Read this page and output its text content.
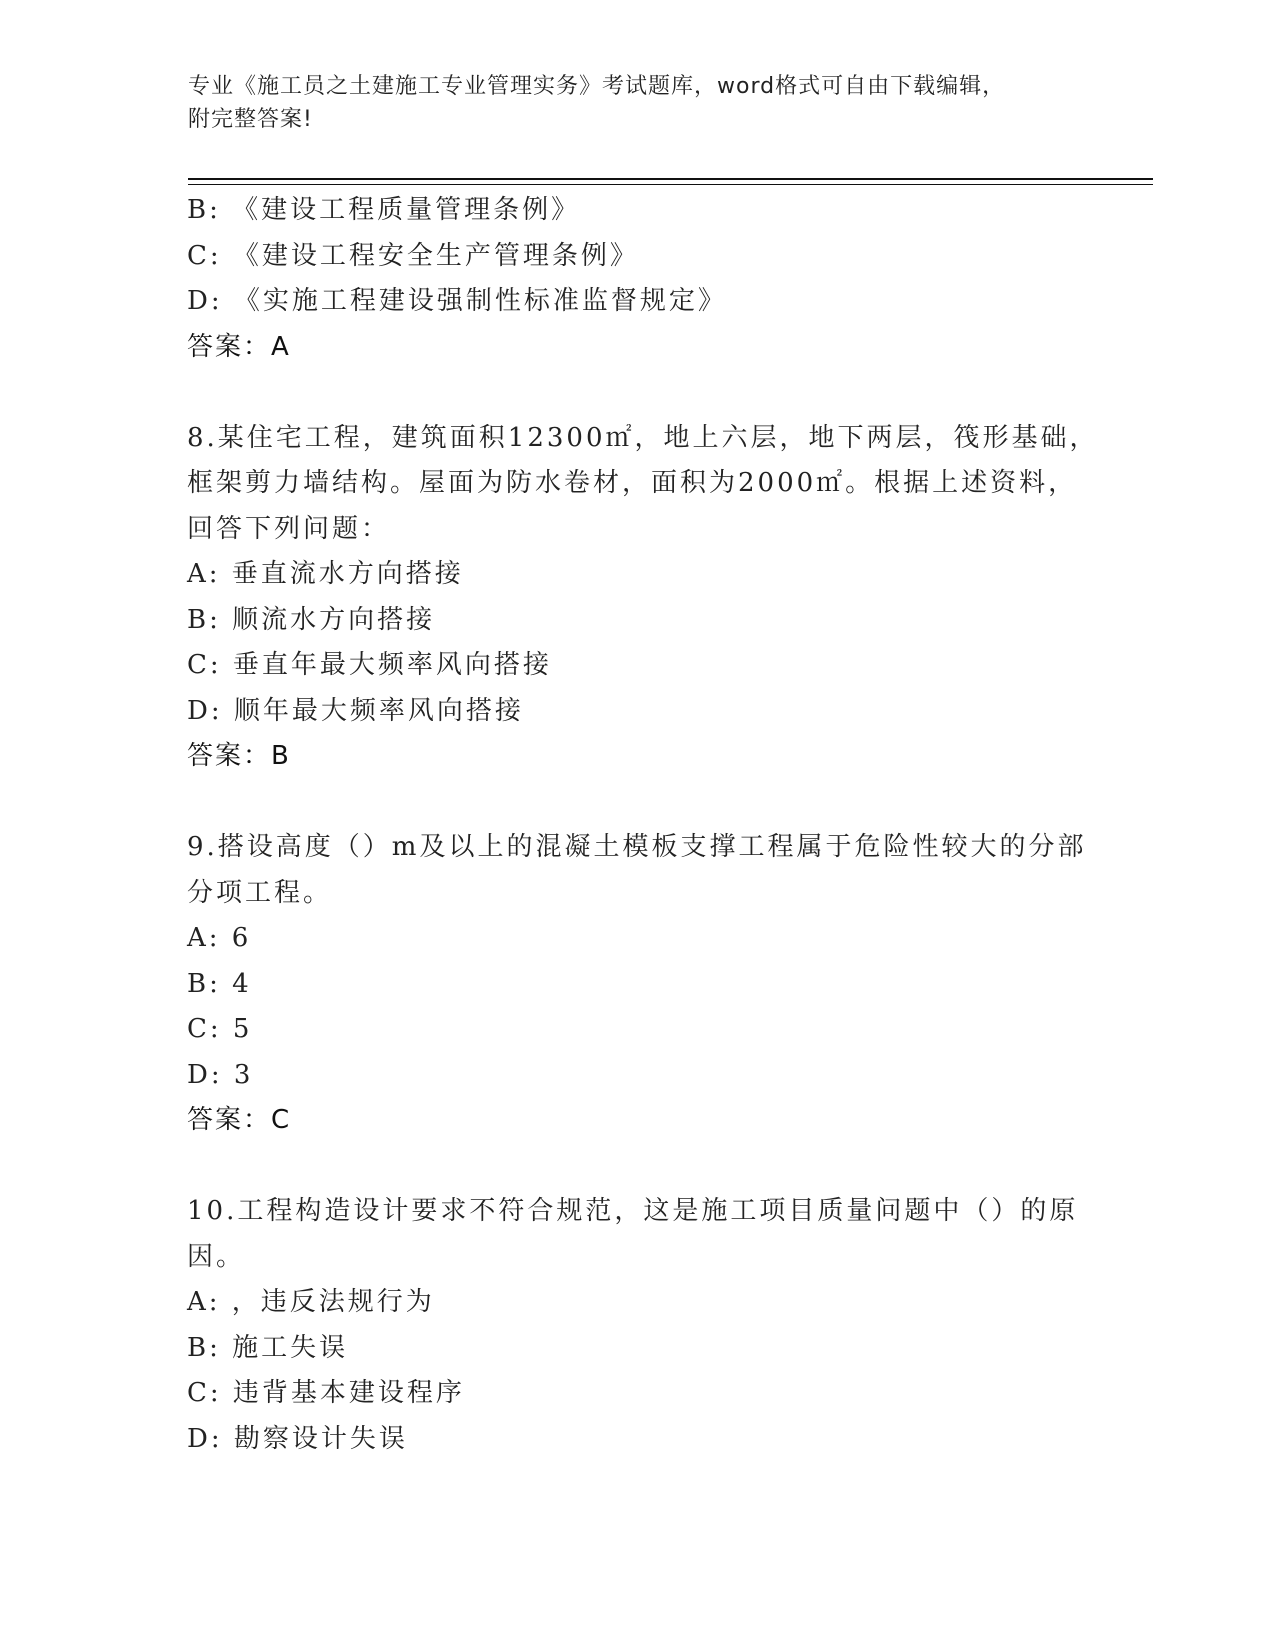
专业《施工员之土建施工专业管理实务》考试题库，word格式可自由下载编辑，
附完整答案!
B: 《建设工程质量管理条例》
C: 《建设工程安全生产管理条例》
D: 《实施工程建设强制性标准监督规定》
答案：A
8.某住宅工程，建筑面积12300㎡，地上六层，地下两层，筏形基础，
框架剪力墙结构。屋面为防水卷材，面积为2000㎡。根据上述资料，
回答下列问题：
A: 垂直流水方向搭接
B: 顺流水方向搭接
C: 垂直年最大频率风向搭接
D: 顺年最大频率风向搭接
答案：B
9.搭设高度（）m及以上的混凝土模板支撑工程属于危险性较大的分部
分项工程。
A: 6
B: 4
C: 5
D: 3
答案：C
10.工程构造设计要求不符合规范，这是施工项目质量问题中（）的原
因。
A: ，违反法规行为
B: 施工失误
C: 违背基本建设程序
D: 勘察设计失误
